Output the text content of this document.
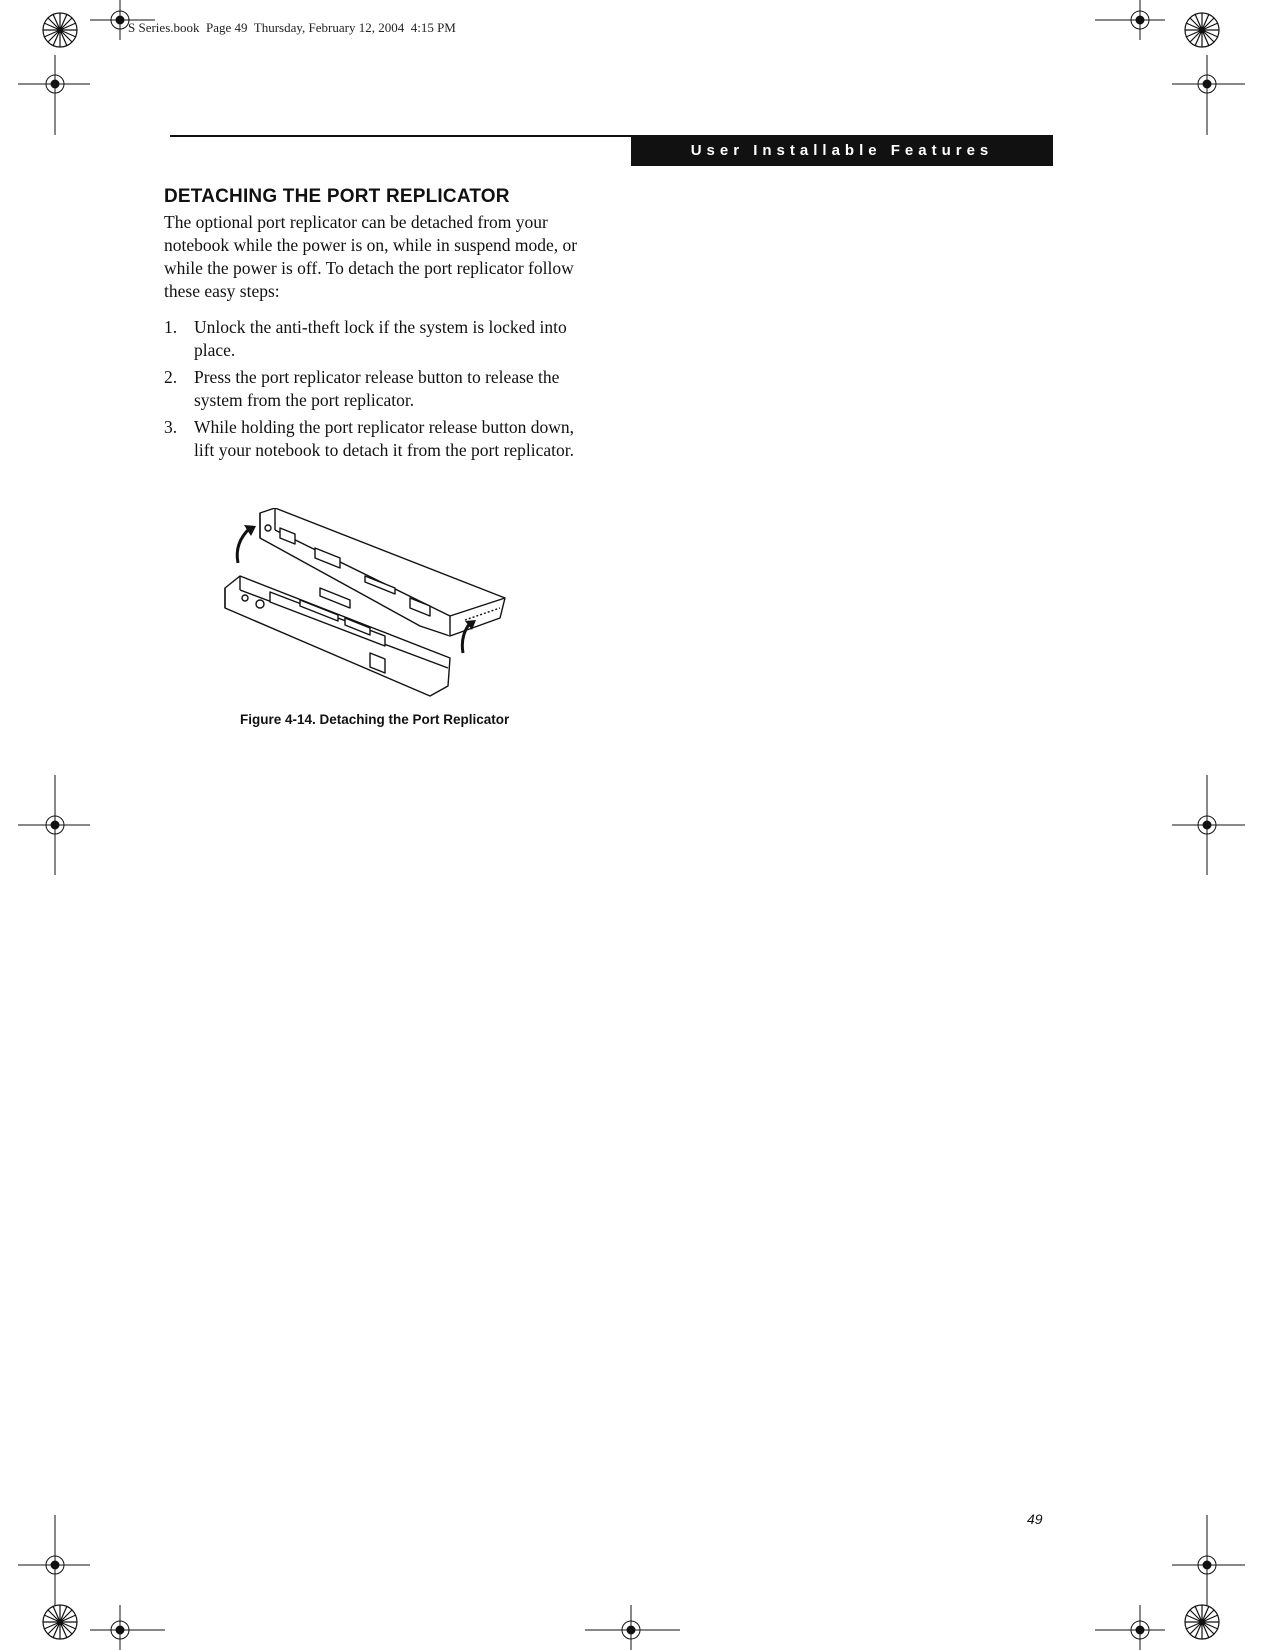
S Series.book  Page 49  Thursday, February 12, 2004  4:15 PM
User Installable Features
DETACHING THE PORT REPLICATOR
The optional port replicator can be detached from your notebook while the power is on, while in suspend mode, or while the power is off. To detach the port replicator follow these easy steps:
1. Unlock the anti-theft lock if the system is locked into place.
2. Press the port replicator release button to release the system from the port replicator.
3. While holding the port replicator release button down, lift your notebook to detach it from the port replicator.
Figure 4-14. Detaching the Port Replicator
49
